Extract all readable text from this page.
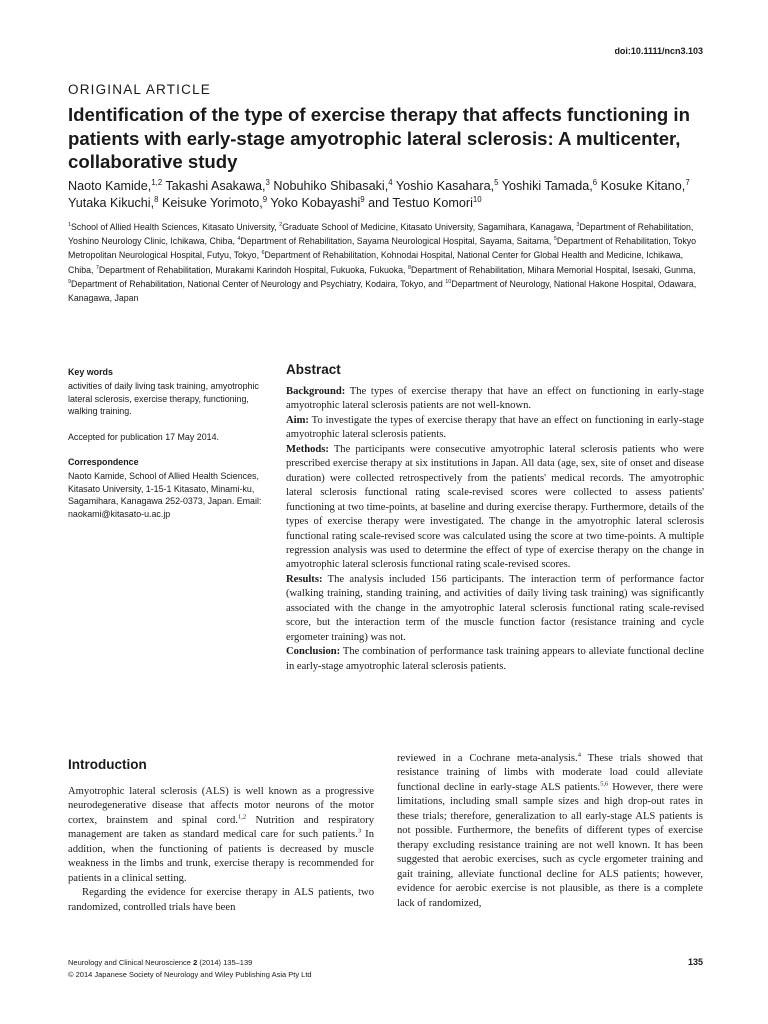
doi:10.1111/ncn3.103
ORIGINAL ARTICLE
Identification of the type of exercise therapy that affects functioning in patients with early-stage amyotrophic lateral sclerosis: A multicenter, collaborative study
Naoto Kamide,$^{1,2}$ Takashi Asakawa,$^3$ Nobuhiko Shibasaki,$^4$ Yoshio Kasahara,$^5$ Yoshiki Tamada,$^6$ Kosuke Kitano,$^7$ Yutaka Kikuchi,$^8$ Keisuke Yorimoto,$^9$ Yoko Kobayashi$^9$ and Testuo Komori$^{10}$
$^1$School of Allied Health Sciences, Kitasato University, $^2$Graduate School of Medicine, Kitasato University, Sagamihara, Kanagawa, $^3$Department of Rehabilitation, Yoshino Neurology Clinic, Ichikawa, Chiba, $^4$Department of Rehabilitation, Sayama Neurological Hospital, Sayama, Saitama, $^5$Department of Rehabilitation, Tokyo Metropolitan Neurological Hospital, Futyu, Tokyo, $^6$Department of Rehabilitation, Kohnodai Hospital, National Center for Global Health and Medicine, Ichikawa, Chiba, $^7$Department of Rehabilitation, Murakami Karindoh Hospital, Fukuoka, Fukuoka, $^8$Department of Rehabilitation, Mihara Memorial Hospital, Isesaki, Gunma, $^9$Department of Rehabilitation, National Center of Neurology and Psychiatry, Kodaira, Tokyo, and $^{10}$Department of Neurology, National Hakone Hospital, Odawara, Kanagawa, Japan
Key words
activities of daily living task training, amyotrophic lateral sclerosis, exercise therapy, functioning, walking training.
Accepted for publication 17 May 2014.
Correspondence
Naoto Kamide, School of Allied Health Sciences, Kitasato University, 1-15-1 Kitasato, Minami-ku, Sagamihara, Kanagawa 252-0373, Japan. Email: naokami@kitasato-u.ac.jp
Abstract

Background: The types of exercise therapy that have an effect on functioning in early-stage amyotrophic lateral sclerosis patients are not well-known.

Aim: To investigate the types of exercise therapy that have an effect on functioning in early-stage amyotrophic lateral sclerosis patients.

Methods: The participants were consecutive amyotrophic lateral sclerosis patients who were prescribed exercise therapy at six institutions in Japan. All data (age, sex, site of onset and disease duration) were collected retrospectively from the patients' medical records. The amyotrophic lateral sclerosis functional rating scale-revised scores were collected to assess patients' functioning at two time-points, at baseline and during exercise therapy. Furthermore, details of the types of exercise therapy were investigated. The change in the amyotrophic lateral sclerosis functional rating scale-revised score was calculated using the score at two time-points. A multiple regression analysis was used to determine the effect of type of exercise therapy on the change in amyotrophic lateral sclerosis functional rating scale-revised scores.

Results: The analysis included 156 participants. The interaction term of performance factor (walking training, standing training, and activities of daily living task training) was significantly associated with the change in the amyotrophic lateral sclerosis functional rating scale-revised score, but the interaction term of the muscle function factor (resistance training and cycle ergometer training) was not.

Conclusion: The combination of performance task training appears to alleviate functional decline in early-stage amyotrophic lateral sclerosis patients.

Introduction

Amyotrophic lateral sclerosis (ALS) is well known as a progressive neurodegenerative disease that affects motor neurons of the motor cortex, brainstem and spinal cord.$^{1,2}$ Nutrition and respiratory management are taken as standard medical care for such patients.$^3$ In addition, when the functioning of patients is decreased by muscle weakness in the limbs and trunk, exercise therapy is recommended for patients in a clinical setting.

Regarding the evidence for exercise therapy in ALS patients, two randomized, controlled trials have been

reviewed in a Cochrane meta-analysis.$^4$ These trials showed that resistance training of limbs with moderate load could alleviate functional decline in early-stage ALS patients.$^{5,6}$ However, there were limitations, including small sample sizes and high drop-out rates in these trials; therefore, generalization to all early-stage ALS patients is not possible. Furthermore, the benefits of different types of exercise therapy excluding resistance training are not well known. It has been suggested that aerobic exercises, such as cycle ergometer training and gait training, alleviate functional decline for ALS patients; however, evidence for aerobic exercise is not plausible, as there is a complete lack of randomized,

Neurology and Clinical Neuroscience 2 (2014) 135–139
© 2014 Japanese Society of Neurology and Wiley Publishing Asia Pty Ltd
135
